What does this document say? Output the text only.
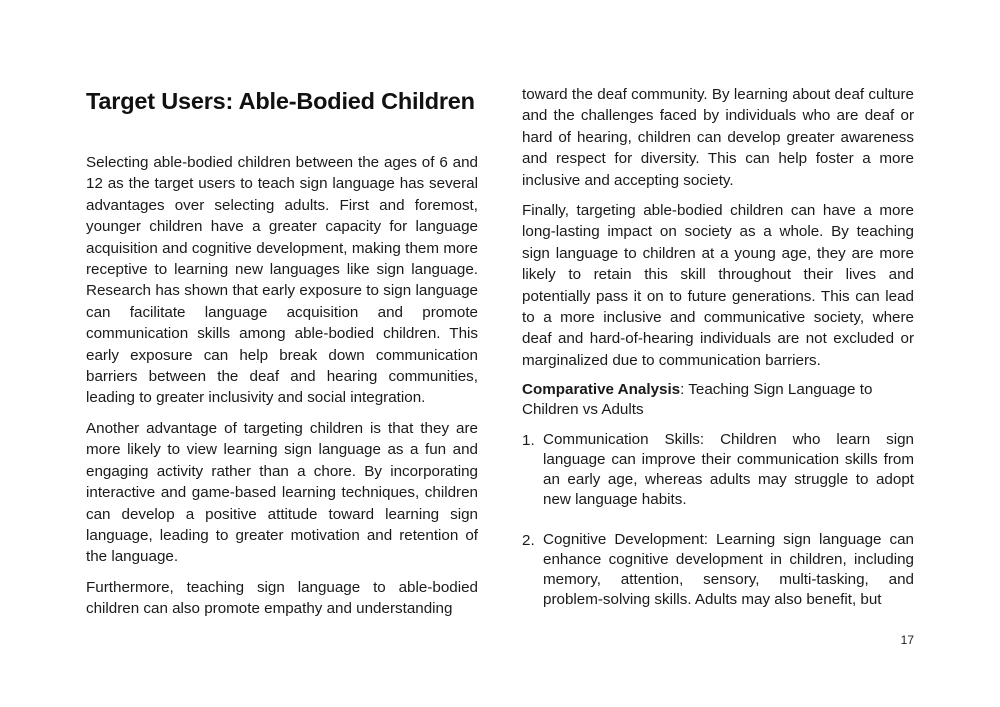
Target Users: Able-Bodied Children

Selecting able-bodied children between the ages of 6 and 12 as the target users to teach sign language has several advantages over selecting adults. First and foremost, younger children have a greater capacity for language acquisition and cognitive development, making them more receptive to learning new languages like sign language. Research has shown that early exposure to sign language can facilitate language acquisition and promote communication skills among able-bodied children. This early exposure can help break down communication barriers between the deaf and hearing communities, leading to greater inclusivity and social integration.

Another advantage of targeting children is that they are more likely to view learning sign language as a fun and engaging activity rather than a chore. By incorporating interactive and game-based learning techniques, children can develop a positive attitude toward learning sign language, leading to greater motivation and retention of the language.

Furthermore, teaching sign language to able-bodied children can also promote empathy and understanding

toward the deaf community. By learning about deaf culture and the challenges faced by individuals who are deaf or hard of hearing, children can develop greater awareness and respect for diversity. This can help foster a more inclusive and accepting society.

Finally, targeting able-bodied children can have a more long-lasting impact on society as a whole. By teaching sign language to children at a young age, they are more likely to retain this skill throughout their lives and potentially pass it on to future generations. This can lead to a more inclusive and communicative society, where deaf and hard-of-hearing individuals are not excluded or marginalized due to communication barriers.

Comparative Analysis: Teaching Sign Language to Children vs Adults

1. Communication Skills: Children who learn sign language can improve their communication skills from an early age, whereas adults may struggle to adopt new language habits.
2. Cognitive Development: Learning sign language can enhance cognitive development in children, including memory, attention, sensory, multi-tasking, and problem-solving skills. Adults may also benefit, but
17
